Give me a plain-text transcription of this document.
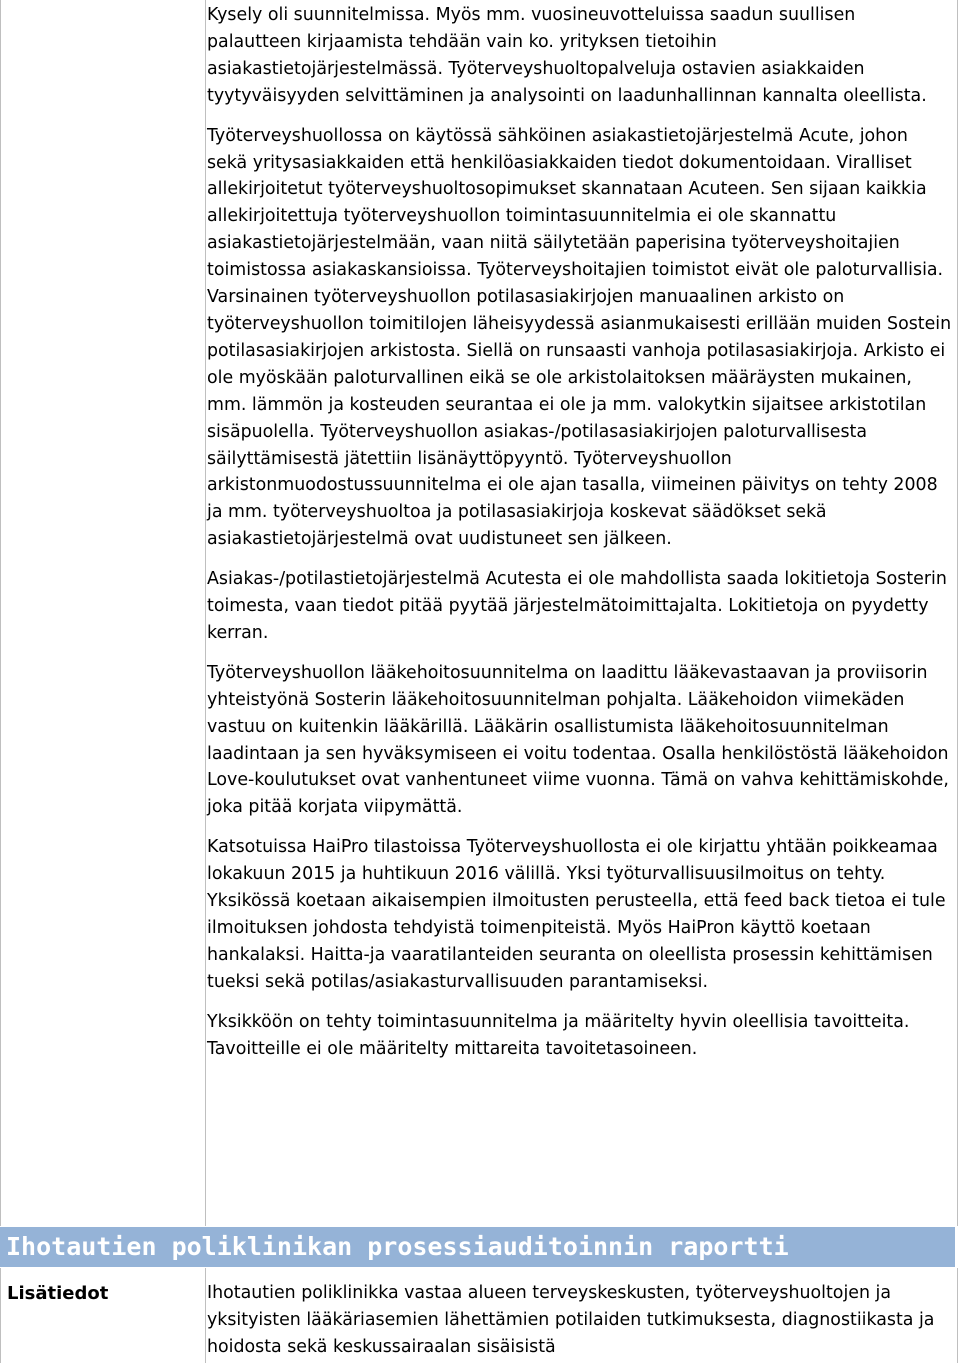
Kysely oli suunnitelmissa. Myös mm. vuosineuvotteluissa saadun suullisen palautteen kirjaamista tehdään vain ko. yrityksen tietoihin asiakastietojärjestelmässä. Työterveyshuoltopalveluja ostavien asiakkaiden tyytyväisyyden selvittäminen ja analysointi on laadunhallinnan kannalta oleellista.

Työterveyshuollossa on käytössä sähköinen asiakastietojärjestelmä Acute, johon sekä yritysasiakkaiden että henkilöasiakkaiden tiedot dokumentoidaan. Viralliset allekirjoitetut työterveyshuoltosopimukset skannataan Acuteen. Sen sijaan kaikkia allekirjoitettuja työterveyshuollon toimintasuunnitelmia ei ole skannattu asiakastietojärjestelmään, vaan niitä säilytetään paperisina työterveyshoitajien toimistossa asiakaskansioissa. Työterveyshoitajien toimistot eivät ole paloturvallisia. Varsinainen työterveyshuollon potilasasiakirjojen manuaalinen arkisto on työterveyshuollon toimitilojen läheisyydessä asianmukaisesti erillään muiden Sostein potilasasiakirjojen arkistosta. Siellä on runsaasti vanhoja potilasasiakirjoja. Arkisto ei ole myöskään paloturvallinen eikä se ole arkistolaitoksen määräysten mukainen, mm. lämmön ja kosteuden seurantaa ei ole ja mm. valokytkin sijaitsee arkistotilan sisäpuolella. Työterveyshuollon asiakas-/potilasasiakirjojen paloturvallisesta säilyttämisestä jätettiin lisänäyttöpyyntö. Työterveyshuollon arkistonmuodostussuunnitelma ei ole ajan tasalla, viimeinen päivitys on tehty 2008 ja mm. työterveyshuoltoa ja potilasasiakirjoja koskevat säädökset sekä asiakastietojärjestelmä ovat uudistuneet sen jälkeen.

Asiakas-/potilastietojärjestelmä Acutesta ei ole mahdollista saada lokitietoja Sosterin toimesta, vaan tiedot pitää pyytää järjestelmätoimittajalta. Lokitietoja on pyydetty kerran.

Työterveyshuollon lääkehoitosuunnitelma on laadittu lääkevastaavan ja proviisorin yhteistyönä Sosterin lääkehoitosuunnitelman pohjalta. Lääkehoidon viimekäden vastuu on kuitenkin lääkärillä. Lääkärin osallistumista lääkehoitosuunnitelman laadintaan ja sen hyväksymiseen ei voitu todentaa. Osalla henkilöstöstä lääkehoidon Love-koulutukset ovat vanhentuneet viime vuonna. Tämä on vahva kehittämiskohde, joka pitää korjata viipymättä.

Katsotuissa HaiPro tilastoissa Työterveyshuollosta ei ole kirjattu yhtään poikkeamaa lokakuun 2015 ja huhtikuun 2016 välillä. Yksi työturvallisuusilmoitus on tehty. Yksikössä koetaan aikaisempien ilmoitusten perusteella, että feed back tietoa ei tule ilmoituksen johdosta tehdyistä toimenpiteistä. Myös HaiPron käyttö koetaan hankalaksi. Haitta-ja vaaratilanteiden seuranta on oleellista prosessin kehittämisen tueksi sekä potilas/asiakasturvallisuuden parantamiseksi.

Yksikköön on tehty toimintasuunnitelma ja määritelty hyvin oleellisia tavoitteita. Tavoitteille ei ole määritelty mittareita tavoitetasoineen.

Ihotautien poliklinikan prosessiauditoinnin raportti
Lisätiedot	Ihotautien poliklinikka vastaa alueen terveyskeskusten, työterveyshuoltojen ja yksityisten lääkäriasemien lähettämien potilaiden tutkimuksesta, diagnostiikasta ja hoidosta sekä keskussairaalan sisäisistä
